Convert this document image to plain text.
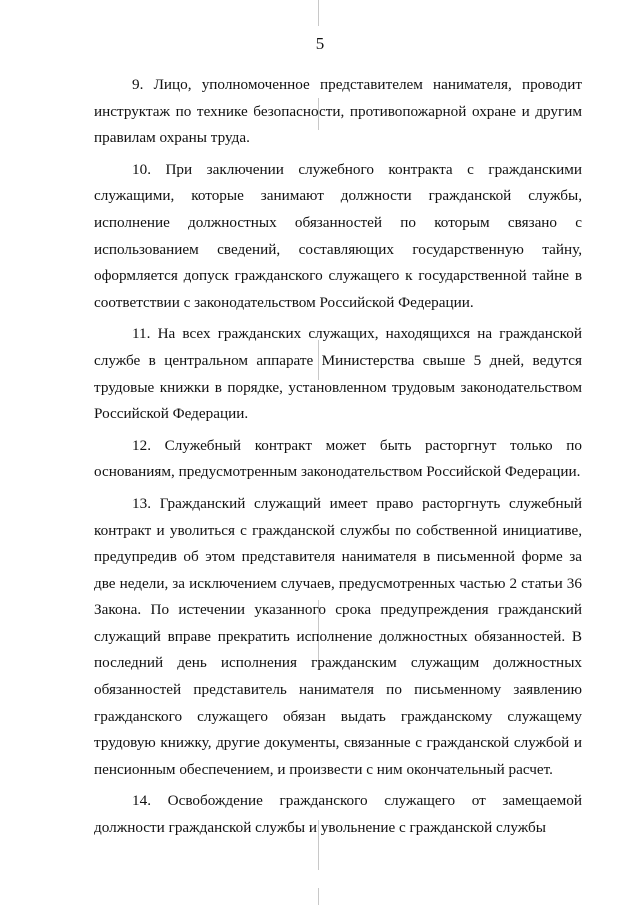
5

9. Лицо, уполномоченное представителем нанимателя, проводит инструктаж по технике безопасности, противопожарной охране и другим правилам охраны труда.

10. При заключении служебного контракта с гражданскими служащими, которые занимают должности гражданской службы, исполнение должностных обязанностей по которым связано с использованием сведений, составляющих государственную тайну, оформляется допуск гражданского служащего к государственной тайне в соответствии с законодательством Российской Федерации.

11. На всех гражданских служащих, находящихся на гражданской службе в центральном аппарате Министерства свыше 5 дней, ведутся трудовые книжки в порядке, установленном трудовым законодательством Российской Федерации.

12. Служебный контракт может быть расторгнут только по основаниям, предусмотренным законодательством Российской Федерации.

13. Гражданский служащий имеет право расторгнуть служебный контракт и уволиться с гражданской службы по собственной инициативе, предупредив об этом представителя нанимателя в письменной форме за две недели, за исключением случаев, предусмотренных частью 2 статьи 36 Закона. По истечении указанного срока предупреждения гражданский служащий вправе прекратить исполнение должностных обязанностей. В последний день исполнения гражданским служащим должностных обязанностей представитель нанимателя по письменному заявлению гражданского служащего обязан выдать гражданскому служащему трудовую книжку, другие документы, связанные с гражданской службой и пенсионным обеспечением, и произвести с ним окончательный расчет.

14. Освобождение гражданского служащего от замещаемой должности гражданской службы и увольнение с гражданской службы
